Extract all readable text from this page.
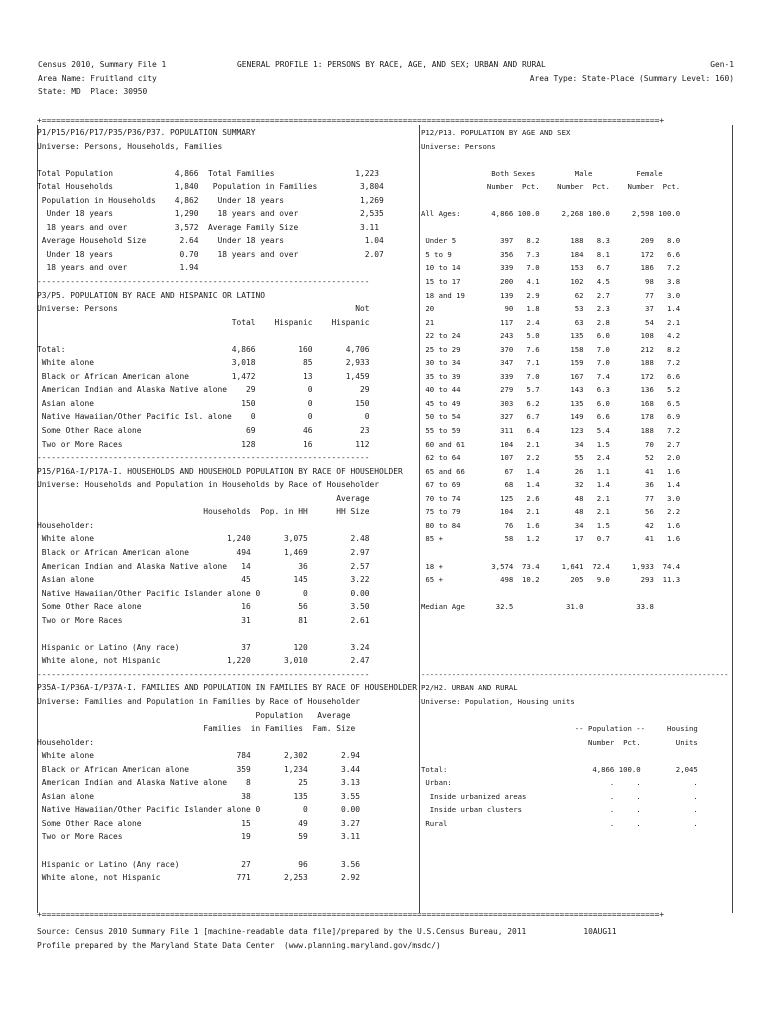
Census 2010, Summary File 1
Area Name: Fruitland city
State: MD  Place: 30950
GENERAL PROFILE 1: PERSONS BY RACE, AGE, AND SEX; URBAN AND RURAL	Gen-1
Area Type: State-Place (Summary Level: 160)
+==================================================================================================================================+
P1/P15/P16/P17/P35/P36/P37. POPULATION SUMMARY
Universe: Persons, Households, Families

Total Population             4,866  Total Families                 1,223
Total Households             1,840   Population in Families         3,804
Population in Households    4,862    Under 18 years                1,269
Under 18 years             1,290    18 years and over             2,535
18 years and over          3,572  Average Family Size             3.11
Average Household Size       2.64    Under 18 years                 1.04
Under 18 years              0.70    18 years and over              2.07
18 years and over           1.94
----------------------------------------------------------------------
P3/P5. POPULATION BY RACE AND HISPANIC OR LATINO
Universe: Persons                                                  Not
Total    Hispanic    Hispanic

Total:                                   4,866         160       4,706
White alone                             3,018          85       2,933
Black or African American alone         1,472          13       1,459
American Indian and Alaska Native alone    29           0          29
Asian alone                               150           0         150
Native Hawaiian/Other Pacific Isl. alone    0           0           0
Some Other Race alone                      69          46          23
Two or More Races                         128          16         112
----------------------------------------------------------------------
P15/P16A-I/P17A-I. HOUSEHOLDS AND HOUSEHOLD POPULATION BY RACE OF HOUSEHOLDER
Universe: Households and Population in Households by Race of Householder
Average
Households  Pop. in HH      HH Size
Householder:
White alone                            1,240       3,075         2.48
Black or African American alone          494       1,469         2.97
American Indian and Alaska Native alone   14          36         2.57
Asian alone                               45         145         3.22
Native Hawaiian/Other Pacific Islander alone 0         0         0.00
Some Other Race alone                     16          56         3.50
Two or More Races                         31          81         2.61

Hispanic or Latino (Any race)             37         120         3.24
White alone, not Hispanic              1,220       3,010         2.47
----------------------------------------------------------------------
P35A-I/P36A-I/P37A-I. FAMILIES AND POPULATION IN FAMILIES BY RACE OF HOUSEHOLDER
Universe: Families and Population in Families by Race of Householder
Population   Average
Families  in Families  Fam. Size
Householder:
White alone                              784       2,302       2.94
Black or African American alone          359       1,234       3.44
American Indian and Alaska Native alone    8          25       3.13
Asian alone                               38         135       3.55
Native Hawaiian/Other Pacific Islander alone 0         0       0.00
Some Other Race alone                     15          49       3.27
Two or More Races                         19          59       3.11

Hispanic or Latino (Any race)             27          96       3.56
White alone, not Hispanic                771       2,253       2.92
P12/P13. POPULATION BY AGE AND SEX
Universe: Persons

Both Sexes         Male          Female
Number  Pct.    Number  Pct.    Number  Pct.

All Ages:       4,866 100.0     2,268 100.0     2,598 100.0

Under 5          397   8.2       188   8.3       209   8.0
5 to 9           356   7.3       184   8.1       172   6.6
10 to 14         339   7.0       153   6.7       186   7.2
15 to 17         200   4.1       102   4.5        98   3.8
18 and 19        139   2.9        62   2.7        77   3.0
20                90   1.8        53   2.3        37   1.4
21               117   2.4        63   2.8        54   2.1
22 to 24         243   5.0       135   6.0       108   4.2
25 to 29         370   7.6       158   7.0       212   8.2
30 to 34         347   7.1       159   7.0       188   7.2
35 to 39         339   7.0       167   7.4       172   6.6
40 to 44         279   5.7       143   6.3       136   5.2
45 to 49         303   6.2       135   6.0       168   6.5
50 to 54         327   6.7       149   6.6       178   6.9
55 to 59         311   6.4       123   5.4       188   7.2
60 and 61        104   2.1        34   1.5        70   2.7
62 to 64         107   2.2        55   2.4        52   2.0
65 and 66         67   1.4        26   1.1        41   1.6
67 to 69          68   1.4        32   1.4        36   1.4
70 to 74         125   2.6        48   2.1        77   3.0
75 to 79         104   2.1        48   2.1        56   2.2
80 to 84          76   1.6        34   1.5        42   1.6
85 +              58   1.2        17   0.7        41   1.6

18 +           3,574  73.4     1,641  72.4     1,933  74.4
65 +             498  10.2       205   9.0       293  11.3

Median Age       32.5            31.0            33.8

----------------------------------------------------------------------
P2/H2. URBAN AND RURAL
Universe: Population, Housing units

-- Population --     Housing
Number  Pct.        Units

Total:                                 4,866 100.0        2,045
Urban:                                    .     .            .
Inside urbanized areas                   .     .            .
Inside urban clusters                    .     .            .
Rural                                     .     .            .
+==================================================================================================================================+
Source: Census 2010 Summary File 1 [machine-readable data file]/prepared by the U.S.Census Bureau, 2011            10AUG11
Profile prepared by the Maryland State Data Center  (www.planning.maryland.gov/msdc/)
